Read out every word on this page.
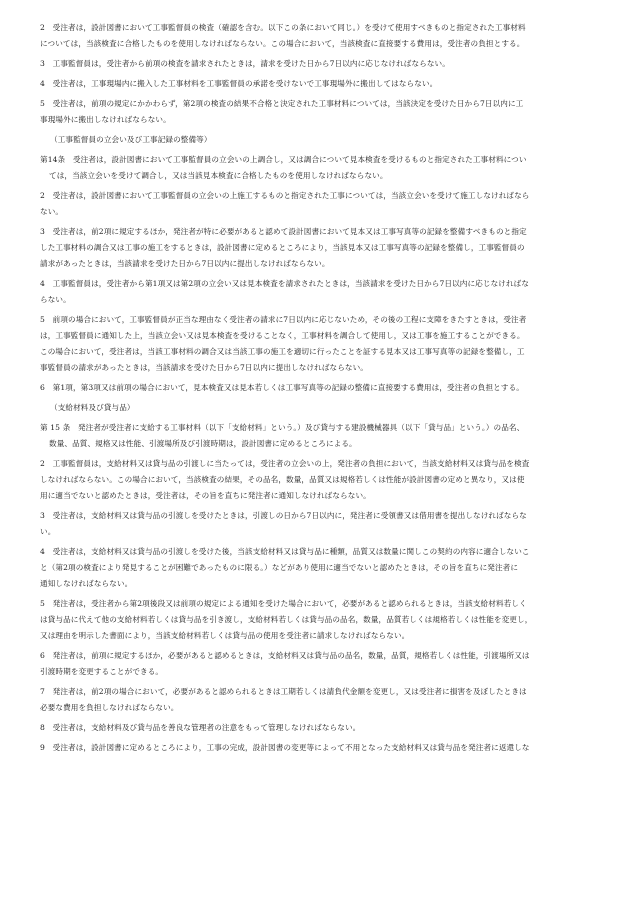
2　受注者は，設計図書において工事監督員の検査（確認を含む。以下この条において同じ。）を受けて使用すべきものと指定された工事材料
については，当該検査に合格したものを使用しなければならない。この場合において，当該検査に直接要する費用は，受注者の負担とする。
3　工事監督員は，受注者から前項の検査を請求されたときは，請求を受けた日から7日以内に応じなければならない。
4　受注者は，工事現場内に搬入した工事材料を工事監督員の承諾を受けないで工事現場外に搬出してはならない。
5　受注者は，前項の規定にかかわらず，第2項の検査の結果不合格と決定された工事材料については，当該決定を受けた日から7日以内に工
事現場外に搬出しなければならない。
（工事監督員の立会い及び工事記録の整備等）
第14条　受注者は，設計図書において工事監督員の立会いの上調合し，又は調合について見本検査を受けるものと指定された工事材料につい
ては，当該立会いを受けて調合し，又は当該見本検査に合格したものを使用しなければならない。
2　受注者は，設計図書において工事監督員の立会いの上施工するものと指定された工事については，当該立会いを受けて施工しなければなら
ない。
3　受注者は，前2項に規定するほか，発注者が特に必要があると認めて設計図書において見本又は工事写真等の記録を整備すべきものと指定
した工事材料の調合又は工事の施工をするときは，設計図書に定めるところにより，当該見本又は工事写真等の記録を整備し，工事監督員の
請求があったときは，当該請求を受けた日から7日以内に提出しなければならない。
4　工事監督員は，受注者から第1項又は第2項の立会い又は見本検査を請求されたときは，当該請求を受けた日から7日以内に応じなければな
らない。
5　前項の場合において，工事監督員が正当な理由なく受注者の請求に7日以内に応じないため，その後の工程に支障をきたすときは，受注者
は，工事監督員に通知した上，当該立会い又は見本検査を受けることなく，工事材料を調合して使用し，又は工事を施工することができる。
この場合において，受注者は，当該工事材料の調合又は当該工事の施工を適切に行ったことを証する見本又は工事写真等の記録を整備し，工
事監督員の請求があったときは，当該請求を受けた日から7日以内に提出しなければならない。
6　第1項，第3項又は前項の場合において，見本検査又は見本若しくは工事写真等の記録の整備に直接要する費用は，受注者の負担とする。
（支給材料及び貸与品）
第 15 条　発注者が受注者に支給する工事材料（以下「支給材料」という。）及び貸与する建設機械器具（以下「貸与品」という。）の品名、
数量、品質、規格又は性能、引渡場所及び引渡時期は，設計図書に定めるところによる。
2　工事監督員は，支給材料又は貸与品の引渡しに当たっては，受注者の立会いの上，発注者の負担において，当該支給材料又は貸与品を検査
しなければならない。この場合において，当該検査の結果，その品名，数量，品質又は規格若しくは性能が設計図書の定めと異なり，又は使
用に適当でないと認めたときは，受注者は，その旨を直ちに発注者に通知しなければならない。
3　受注者は，支給材料又は貸与品の引渡しを受けたときは，引渡しの日から7日以内に，発注者に受領書又は借用書を提出しなければならな
い。
4　受注者は，支給材料又は貸与品の引渡しを受けた後，当該支給材料又は貸与品に種類，品質又は数量に関しこの契約の内容に適合しないこ
と（第2項の検査により発見することが困難であったものに限る。）などがあり使用に適当でないと認めたときは，その旨を直ちに発注者に
通知しなければならない。
5　発注者は，受注者から第2項後段又は前項の規定による通知を受けた場合において，必要があると認められるときは，当該支給材料若しく
は貸与品に代えて他の支給材料若しくは貸与品を引き渡し，支給材料若しくは貸与品の品名，数量，品質若しくは規格若しくは性能を変更し，
又は理由を明示した書面により，当該支給材料若しくは貸与品の使用を受注者に請求しなければならない。
6　発注者は，前項に規定するほか，必要があると認めるときは，支給材料又は貸与品の品名，数量，品質，規格若しくは性能，引渡場所又は
引渡時期を変更することができる。
7　発注者は，前2項の場合において，必要があると認められるときは工期若しくは請負代金額を変更し，又は受注者に損害を及ぼしたときは
必要な費用を負担しなければならない。
8　受注者は，支給材料及び貸与品を善良な管理者の注意をもって管理しなければならない。
9　受注者は，設計図書に定めるところにより，工事の完成，設計図書の変更等によって不用となった支給材料又は貸与品を発注者に返還しな
